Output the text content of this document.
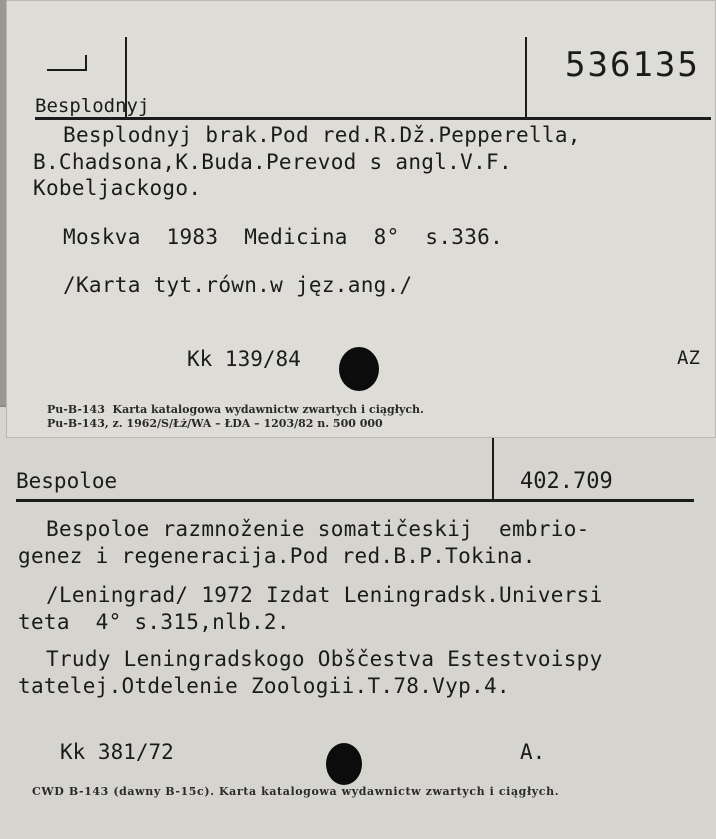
Bespoloe	402.709
Bespoloe razmnoženie somatičeskij  embrio-
genez i regeneracija.Pod red.B.P.Tokina.
/Leningrad/ 1972 Izdat Leningradsk.Universi
teta  4° s.315,nlb.2.
Trudy Leningradskogo Obščestva Estestvoispy
tatelej.Otdelenie Zoologii.T.78.Vyp.4.
Kk 381/72	A.
CWD B-143 (dawny B-15c). Karta katalogowa wydawnictw zwartych i ciągłych.
536135
Besplodnyj
Besplodnyj brak.Pod red.R.Dž.Pepperella,
B.Chadsona,K.Buda.Perevod s angl.V.F.
Kobeljackogo.
Moskva  1983  Medicina  8°  s.336.
/Karta tyt.równ.w jęz.ang./
Kk 139/84	AZ
Pu-B-143  Karta katalogowa wydawnictw zwartych i ciągłych.
Pu-B-143, z. 1962/S/Łż/WA – ŁDA – 1203/82 n. 500 000
